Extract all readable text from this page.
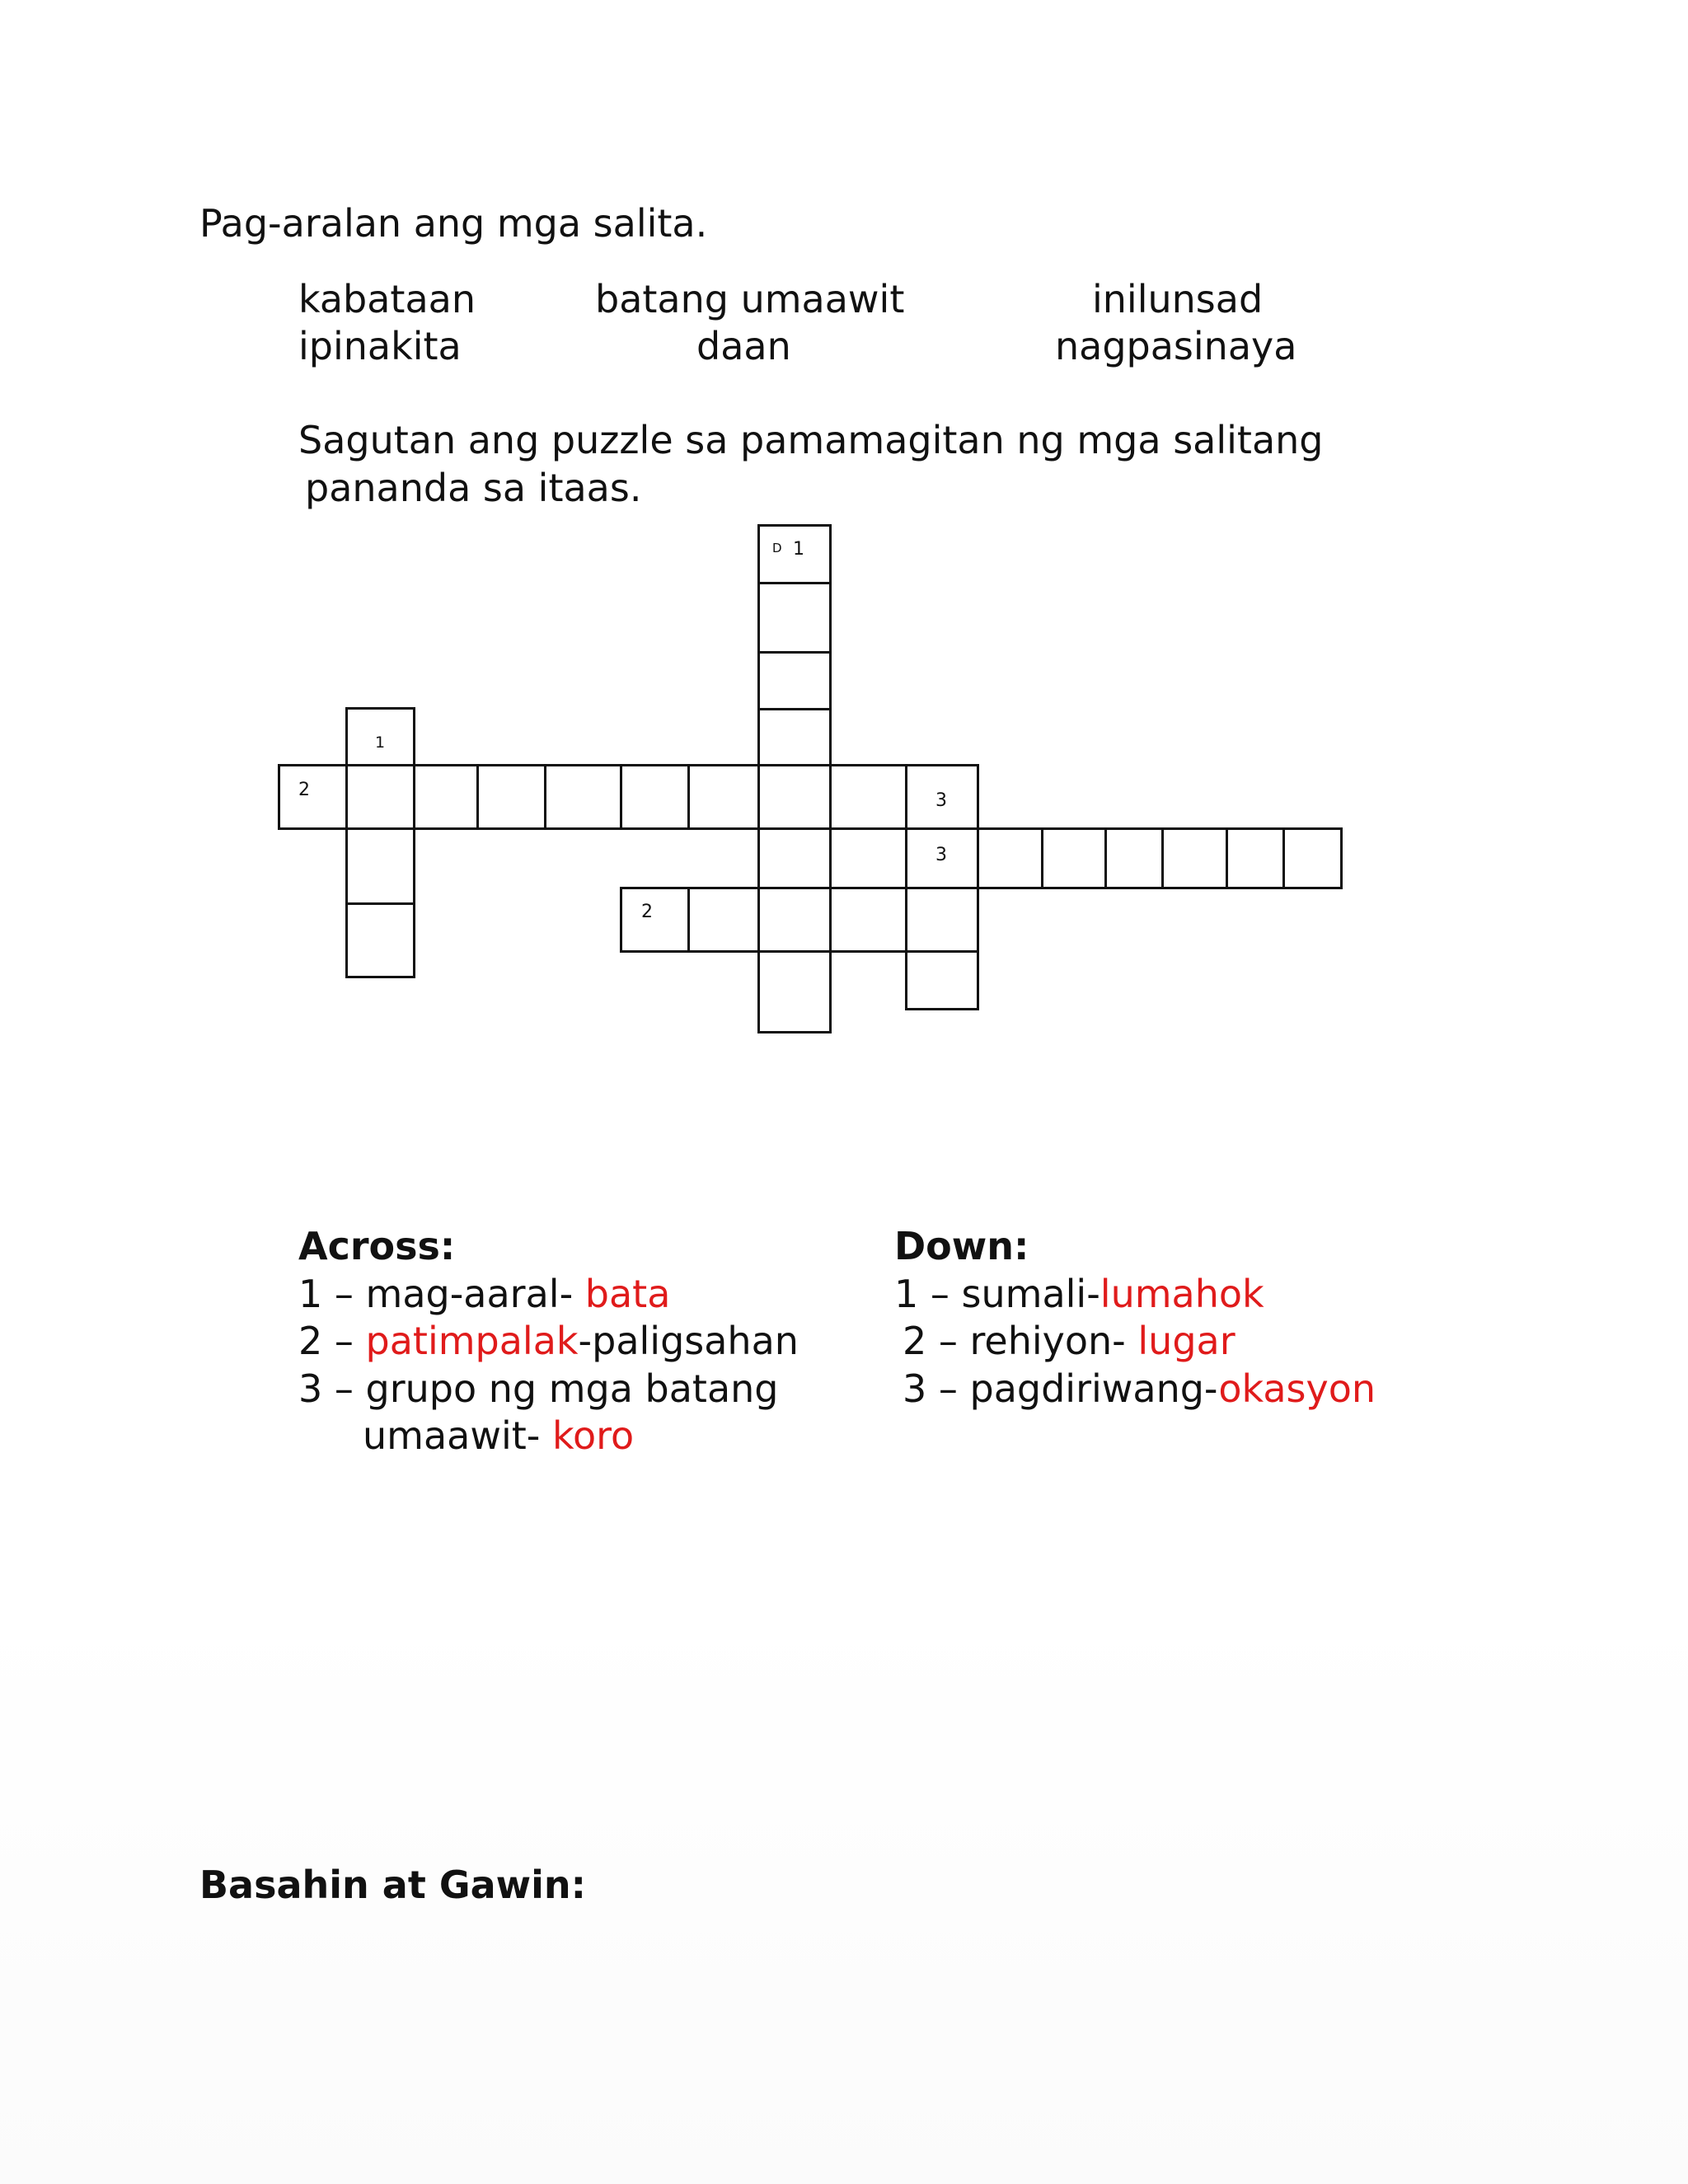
Pag-aralan ang mga salita.
kabataan	batang umaawit	inilunsad
ipinakita	daan	nagpasinaya
Sagutan ang puzzle sa pamamagitan ng mga salitang
pananda sa itaas.
D 1
1
2
3
3
2
Across:
1 – mag-aaral- bata
2 – patimpalak-paligsahan
3 – grupo ng mga batang
umaawit- koro
Down:
1 – sumali-lumahok
2 – rehiyon- lugar
3 – pagdiriwang-okasyon
Basahin at Gawin:
